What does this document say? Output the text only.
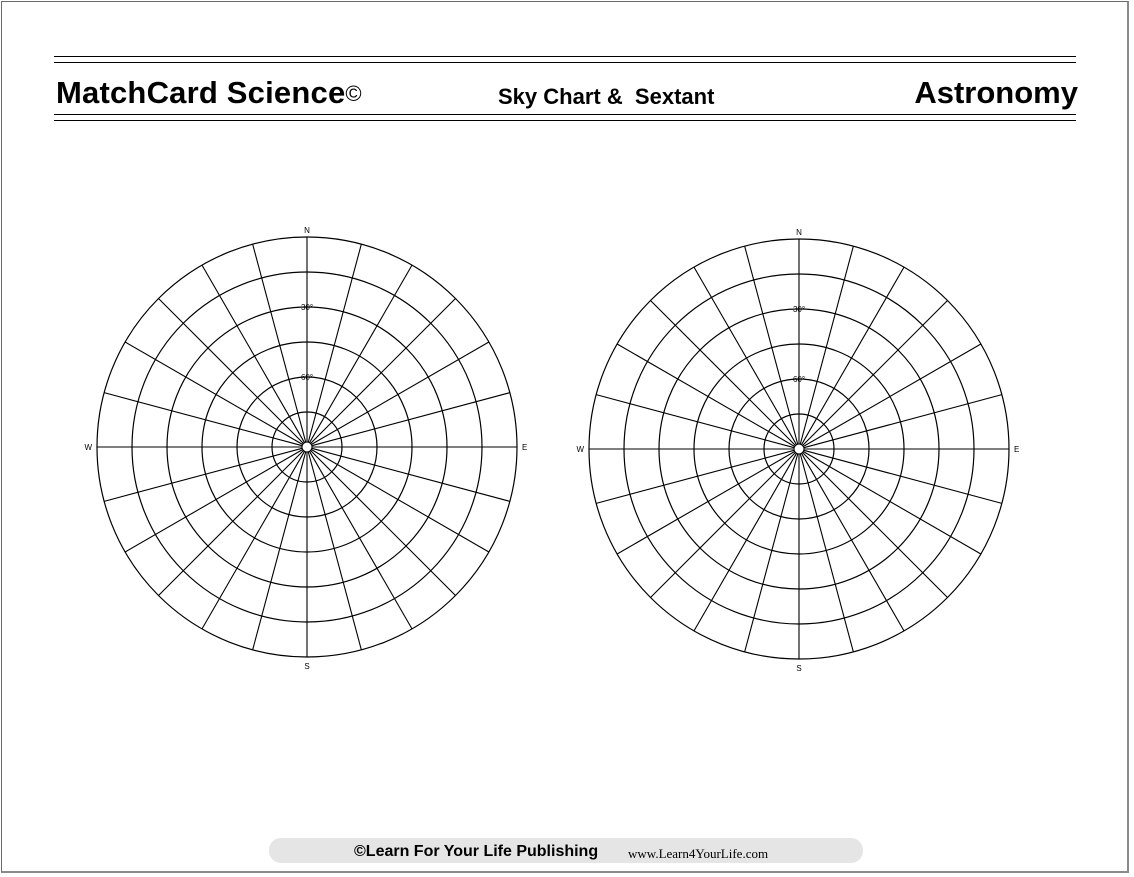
MatchCard Science©	Sky Chart &  Sextant	Astronomy
N
S
W	E
30°
60°
N
S
W	E
30°
60°
©Learn For Your Life Publishing www.Learn4YourLife.com
